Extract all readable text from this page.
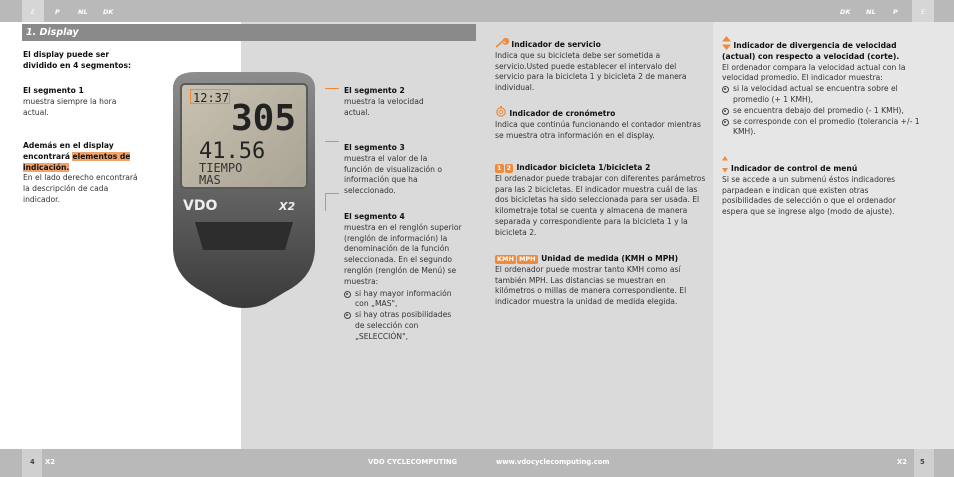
E	P	NL DK	DK NL	P	E
1. Display
El display puede ser dividido en 4 segmentos:
El segmento 1
muestra siempre la hora actual.
Además en el display encontrará elementos de indicación.
En el lado derecho encontrará la descripción de cada indicador.
12:37 305
41.56
TIEMPO
MAS
VDO	X2
El segmento 2
muestra la velocidad actual.
El segmento 3
muestra el valor de la función de visualización o información que ha seleccionado.
El segmento 4
muestra en el renglón superior (renglón de información) la denominación de la función seleccionada. En el segundo renglón (renglón de Menú) se muestra:
si hay mayor información con „MAS",
si hay otras posibilidades de selección con „SELECCIÓN",
Indicador de servicio
Indica que su bicicleta debe ser sometida a servicio.Usted puede establecer el intervalo del servicio para la bicicleta 1 y bicicleta 2 de manera individual.
Indicador de cronómetro
Indica que continúa funcionando el contador mientras se muestra otra información en el display.
1 2 Indicador bicicleta 1/bicicleta 2
El ordenador puede trabajar con diferentes parámetros para las 2 bicicletas. El indicador muestra cuál de las dos bicicletas ha sido seleccionada para ser usada. El kilometraje total se cuenta y almacena de manera separada y correspondiente para la bicicleta 1 y la bicicleta 2.
KMH MPH Unidad de medida (KMH o MPH)
El ordenador puede mostrar tanto KMH como así también MPH. Las distancias se muestran en kilómetros o millas de manera correspondiente. El indicador muestra la unidad de medida elegida.
Indicador de divergencia de velocidad (actual) con respecto a velocidad (corte).
El ordenador compara la velocidad actual con la velocidad promedio. El indicador muestra:
si la velocidad actual se encuentra sobre el promedio (+ 1 KMH),
se encuentra debajo del promedio (- 1 KMH),
se corresponde con el promedio (tolerancia +/- 1 KMH).
Indicador de control de menú
Si se accede a un submenú éstos indicadores parpadean e indican que existen otras posibilidades de selección o que el ordenador espera que se ingrese algo (modo de ajuste).
4 X2	VDO CYCLECOMPUTING	www.vdocyclecomputing.com	X2 5
